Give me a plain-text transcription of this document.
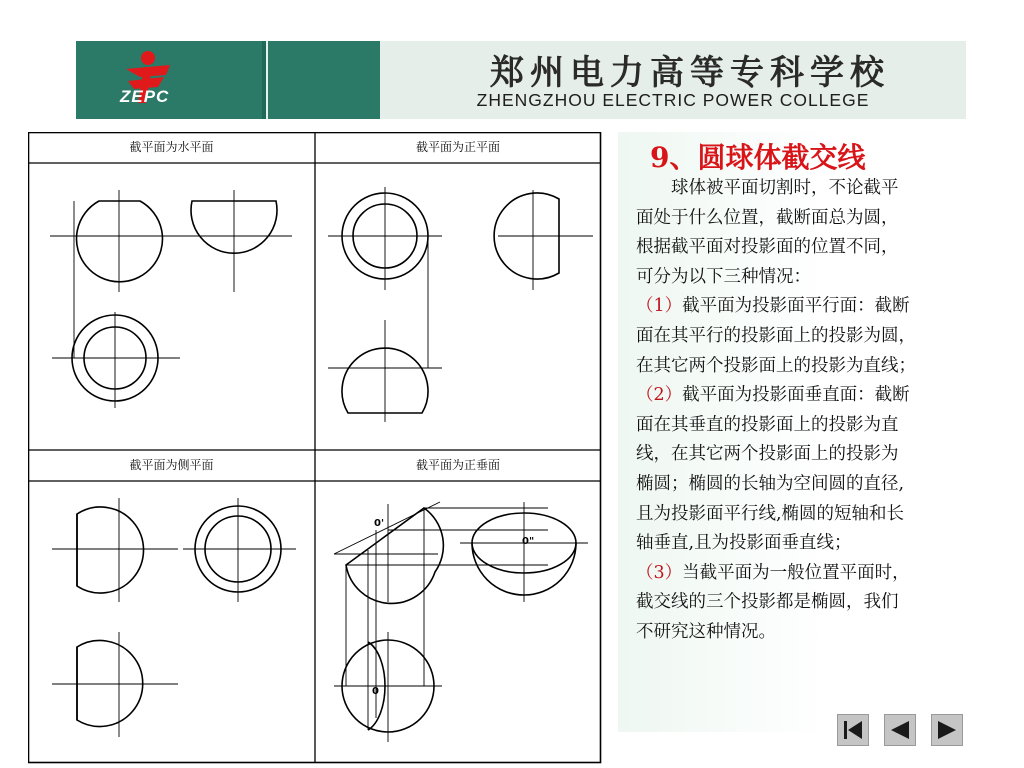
ZEPC
郑州电力高等专科学校
ZHENGZHOU ELECTRIC POWER COLLEGE
截平面为水平面	截平面为正平面
截平面为侧平面	截平面为正垂面
0'
0"
0
9、圆球体截交线

　　球体被平面切割时，不论截平

面处于什么位置，截断面总为圆，

根据截平面对投影面的位置不同，

可分为以下三种情况：

（1）截平面为投影面平行面：截断

面在其平行的投影面上的投影为圆，

在其它两个投影面上的投影为直线；

（2）截平面为投影面垂直面：截断

面在其垂直的投影面上的投影为直

线，在其它两个投影面上的投影为

椭圆；椭圆的长轴为空间圆的直径,

且为投影面平行线,椭圆的短轴和长

轴垂直,且为投影面垂直线；

（3）当截平面为一般位置平面时，

截交线的三个投影都是椭圆，我们

不研究这种情况。
